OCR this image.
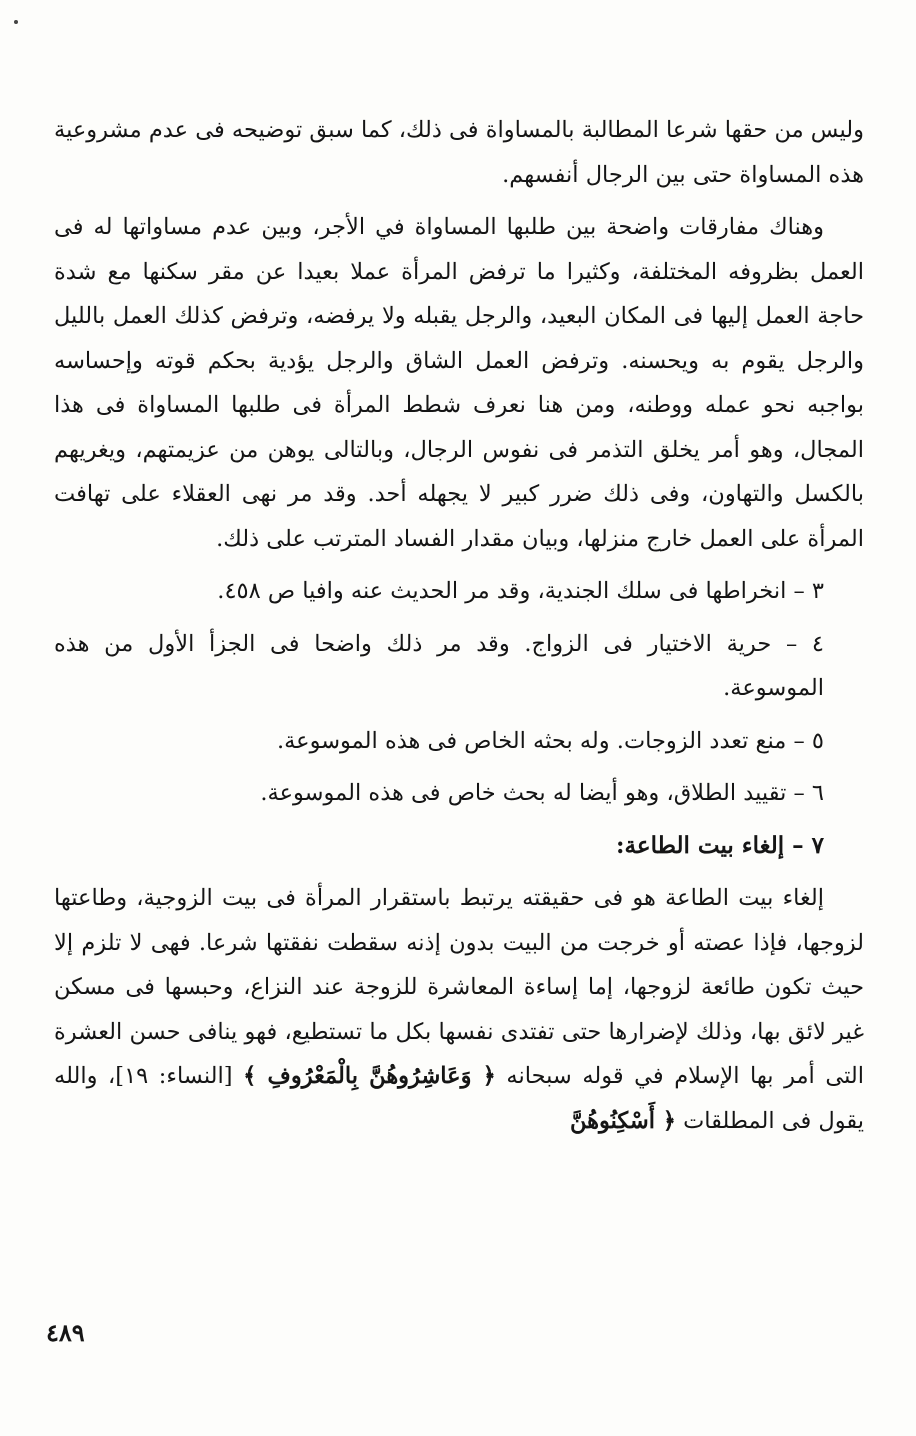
وليس من حقها شرعا المطالبة بالمساواة فى ذلك، كما سبق توضيحه فى عدم مشروعية هذه المساواة حتى بين الرجال أنفسهم.

وهناك مفارقات واضحة بين طلبها المساواة في الأجر، وبين عدم مساواتها له فى العمل بظروفه المختلفة، وكثيرا ما ترفض المرأة عملا بعيدا عن مقر سكنها مع شدة حاجة العمل إليها فى المكان البعيد، والرجل يقبله ولا يرفضه، وترفض كذلك العمل بالليل والرجل يقوم به ويحسنه. وترفض العمل الشاق والرجل يؤدية بحكم قوته وإحساسه بواجبه نحو عمله ووطنه، ومن هنا نعرف شطط المرأة فى طلبها المساواة فى هذا المجال، وهو أمر يخلق التذمر فى نفوس الرجال، وبالتالى يوهن من عزيمتهم، ويغريهم بالكسل والتهاون، وفى ذلك ضرر كبير لا يجهله أحد. وقد مر نهى العقلاء على تهافت المرأة على العمل خارج منزلها، وبيان مقدار الفساد المترتب على ذلك.

٣ – انخراطها فى سلك الجندية، وقد مر الحديث عنه وافيا ص ٤٥٨.

٤ – حرية الاختيار فى الزواج. وقد مر ذلك واضحا فى الجزأ الأول من هذه الموسوعة.

٥ – منع تعدد الزوجات. وله بحثه الخاص فى هذه الموسوعة.

٦ – تقييد الطلاق، وهو أيضا له بحث خاص فى هذه الموسوعة.

٧ – إلغاء بيت الطاعة:

إلغاء بيت الطاعة هو فى حقيقته يرتبط باستقرار المرأة فى بيت الزوجية، وطاعتها لزوجها، فإذا عصته أو خرجت من البيت بدون إذنه سقطت نفقتها شرعا. فهى لا تلزم إلا حيث تكون طائعة لزوجها، إما إساءة المعاشرة للزوجة عند النزاع، وحبسها فى مسكن غير لائق بها، وذلك لإضرارها حتى تفتدى نفسها بكل ما تستطيع، فهو ينافى حسن العشرة التى أمر بها الإسلام في قوله سبحانه ﴿ وَعَاشِرُوهُنَّ بِالْمَعْرُوفِ ﴾ [النساء: ١٩]، والله يقول فى المطلقات ﴿ أَسْكِنُوهُنَّ

٤٨٩
